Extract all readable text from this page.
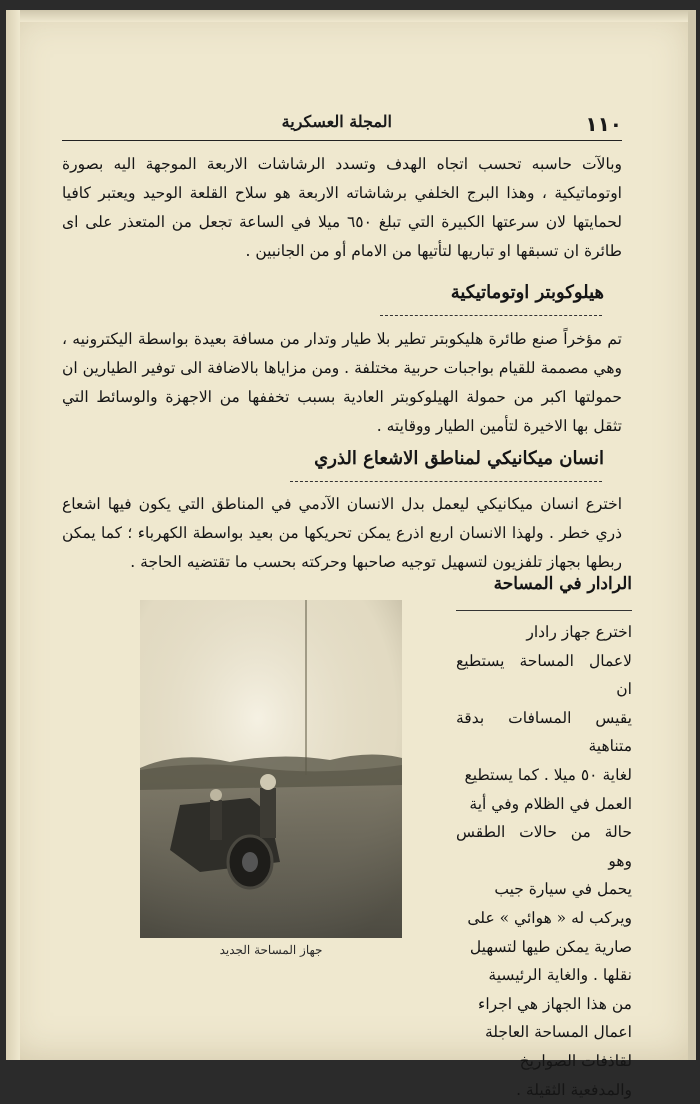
١١٠
المجلة العسكرية
وبالآت حاسبه تحسب اتجاه الهدف وتسدد الرشاشات الاربعة الموجهة اليه بصورة اوتوماتيكية ، وهذا البرج الخلفي برشاشاته الاربعة هو سلاح القلعة الوحيد ويعتبر كافيا لحمايتها لان سرعتها الكبيرة التي تبلغ ٦٥٠ ميلا في الساعة تجعل من المتعذر على اى طائرة ان تسبقها او تباريها لتأتيها من الامام أو من الجانبين .
هيلوكوبتر اوتوماتيكية
تم مؤخراً صنع طائرة هليكوبتر تطير بلا طيار وتدار من مسافة بعيدة بواسطة اليكترونيه ، وهي مصممة للقيام بواجبات حربية مختلفة . ومن مزاياها بالاضافة الى توفير الطيارين ان حمولتها اكبر من حمولة الهيلوكوبتر العادية بسبب تخففها من الاجهزة والوسائط التي تثقل بها الاخيرة لتأمين الطيار ووقايته .
انسان ميكانيكي لمناطق الاشعاع الذري
اخترع انسان ميكانيكي ليعمل بدل الانسان الآدمي في المناطق التي يكون فيها اشعاع ذري خطر . ولهذا الانسان اربع اذرع يمكن تحريكها من بعيد بواسطة الكهرباء ؛ كما يمكن ربطها بجهاز تلفزيون لتسهيل توجيه صاحبها وحركته بحسب ما تقتضيه الحاجة .
الرادار في المساحة

اخترع جهاز رادار

لاعمال المساحة يستطيع ان

يقيس المسافات بدقة متناهية

لغاية ٥٠ ميلا . كما يستطيع

العمل في الظلام وفي أية

حالة من حالات الطقس وهو

يحمل في سيارة جيب

ويركب له « هوائي » على

صارية يمكن طيها لتسهيل

نقلها . والغاية الرئيسية

من هذا الجهاز هي اجراء

اعمال المساحة العاجلة

لقاذفات الصواريخ

والمدفعية الثقيلة .

جهاز المساحة الجديد
